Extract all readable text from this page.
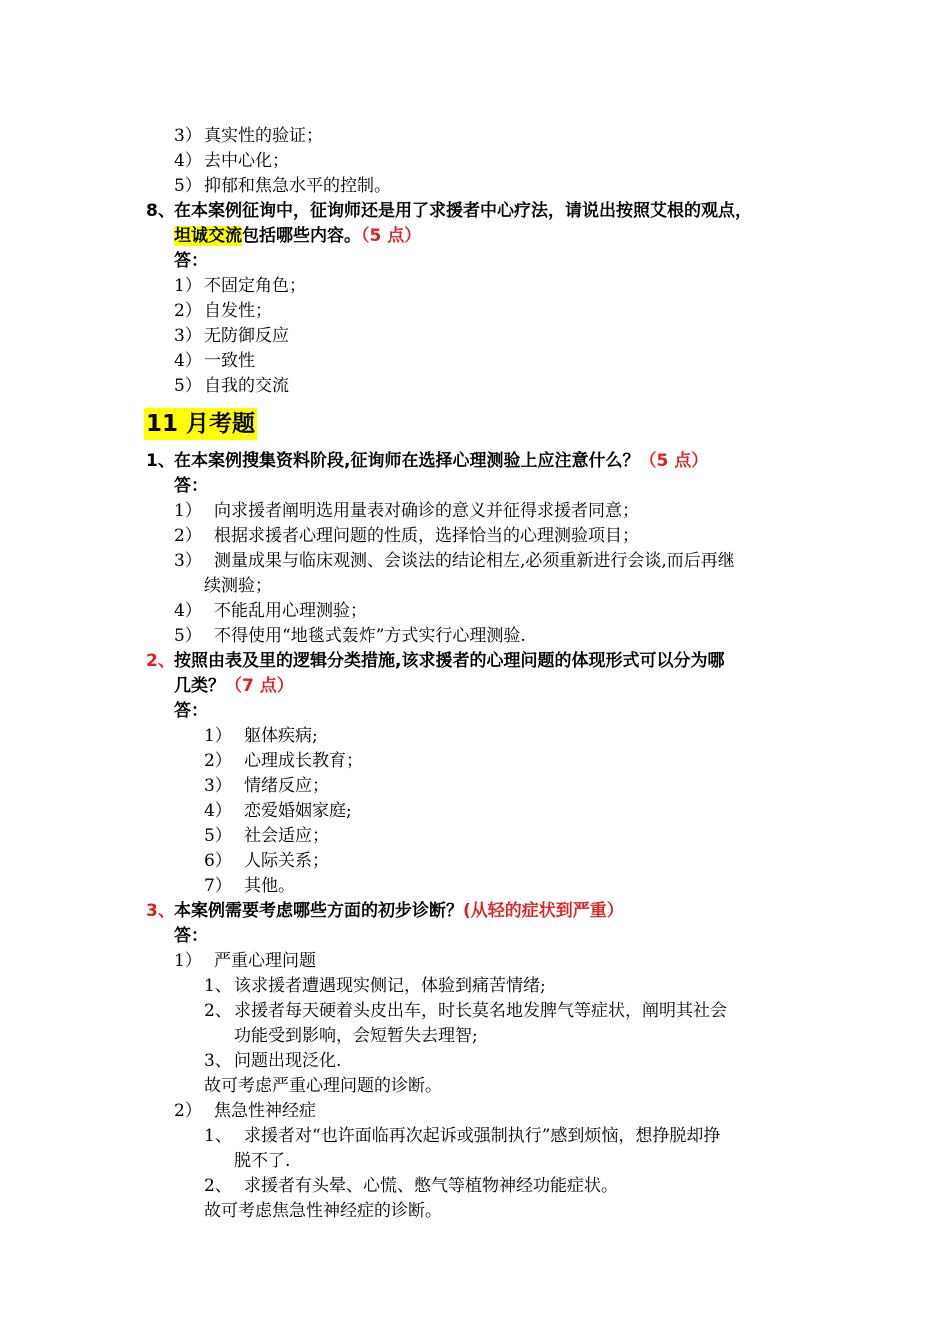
3） 真实性的验证；
4） 去中心化；
5） 抑郁和焦急水平的控制。
8、在本案例征询中，征询师还是用了求援者中心疗法，请说出按照艾根的观点，
坦诚交流包括哪些内容。（5 点）
答：
1） 不固定角色；
2） 自发性；
3） 无防御反应
4） 一致性
5） 自我的交流
11 月考题
1、在本案例搜集资料阶段,征询师在选择心理测验上应注意什么？（5 点）
答：
1） 向求援者阐明选用量表对确诊的意义并征得求援者同意；
2） 根据求援者心理问题的性质，选择恰当的心理测验项目；
3） 测量成果与临床观测、会谈法的结论相左,必须重新进行会谈,而后再继
续测验；
4） 不能乱用心理测验；
5） 不得使用“地毯式轰炸”方式实行心理测验.
2、按照由表及里的逻辑分类措施,该求援者的心理问题的体现形式可以分为哪
几类？（7 点）
答：
1） 躯体疾病;
2） 心理成长教育；
3） 情绪反应；
4） 恋爱婚姻家庭;
5） 社会适应；
6） 人际关系；
7） 其他。
3、本案例需要考虑哪些方面的初步诊断？(从轻的症状到严重）
答：
1） 严重心理问题
1、 该求援者遭遇现实侧记，体验到痛苦情绪;
2、 求援者每天硬着头皮出车，时长莫名地发脾气等症状，阐明其社会
功能受到影响，会短暂失去理智;
3、 问题出现泛化.
故可考虑严重心理问题的诊断。
2） 焦急性神经症
1、 求援者对“也许面临再次起诉或强制执行”感到烦恼，想挣脱却挣
脱不了.
2、 求援者有头晕、心慌、憋气等植物神经功能症状。
故可考虑焦急性神经症的诊断。
